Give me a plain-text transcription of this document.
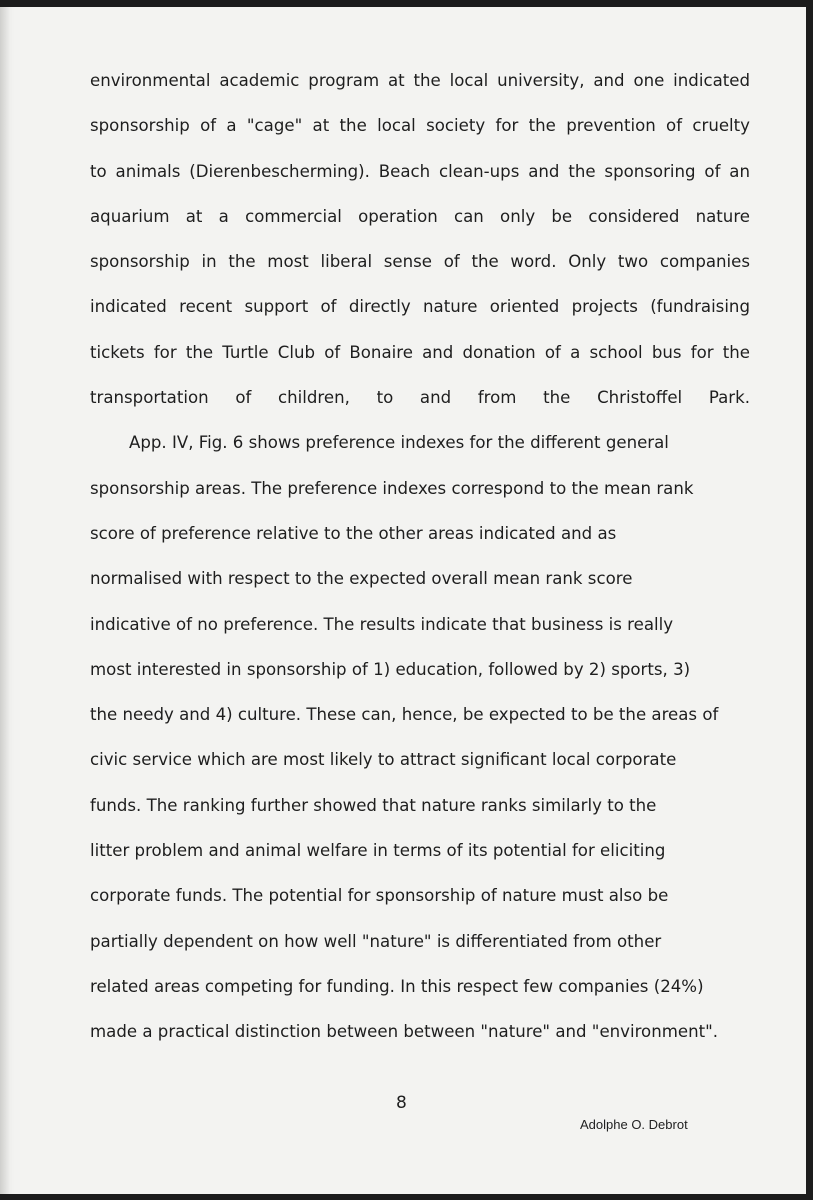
environmental academic program at the local university, and one indicated
sponsorship of a "cage" at the local society for the prevention of cruelty
to animals (Dierenbescherming). Beach clean-ups and the sponsoring of an
aquarium at a commercial operation can only be considered nature
sponsorship in the most liberal sense of the word. Only two companies
indicated recent support of directly nature oriented projects (fundraising
tickets for the Turtle Club of Bonaire and donation of a school bus for the
transportation of children, to and from the Christoffel Park.

App. IV, Fig. 6 shows preference indexes for the different general
sponsorship areas. The preference indexes correspond to the mean rank
score of preference relative to the other areas indicated and as
normalised with respect to the expected overall mean rank score
indicative of no preference. The results indicate that business is really
most interested in sponsorship of 1) education, followed by 2) sports, 3)
the needy and 4) culture. These can, hence, be expected to be the areas of
civic service which are most likely to attract significant local corporate
funds. The ranking further showed that nature ranks similarly to the
litter problem and animal welfare in terms of its potential for eliciting
corporate funds. The potential for sponsorship of nature must also be
partially dependent on how well "nature" is differentiated from other
related areas competing for funding. In this respect few companies (24%)
made a practical distinction between between "nature" and "environment".

8
Adolphe O. Debrot
